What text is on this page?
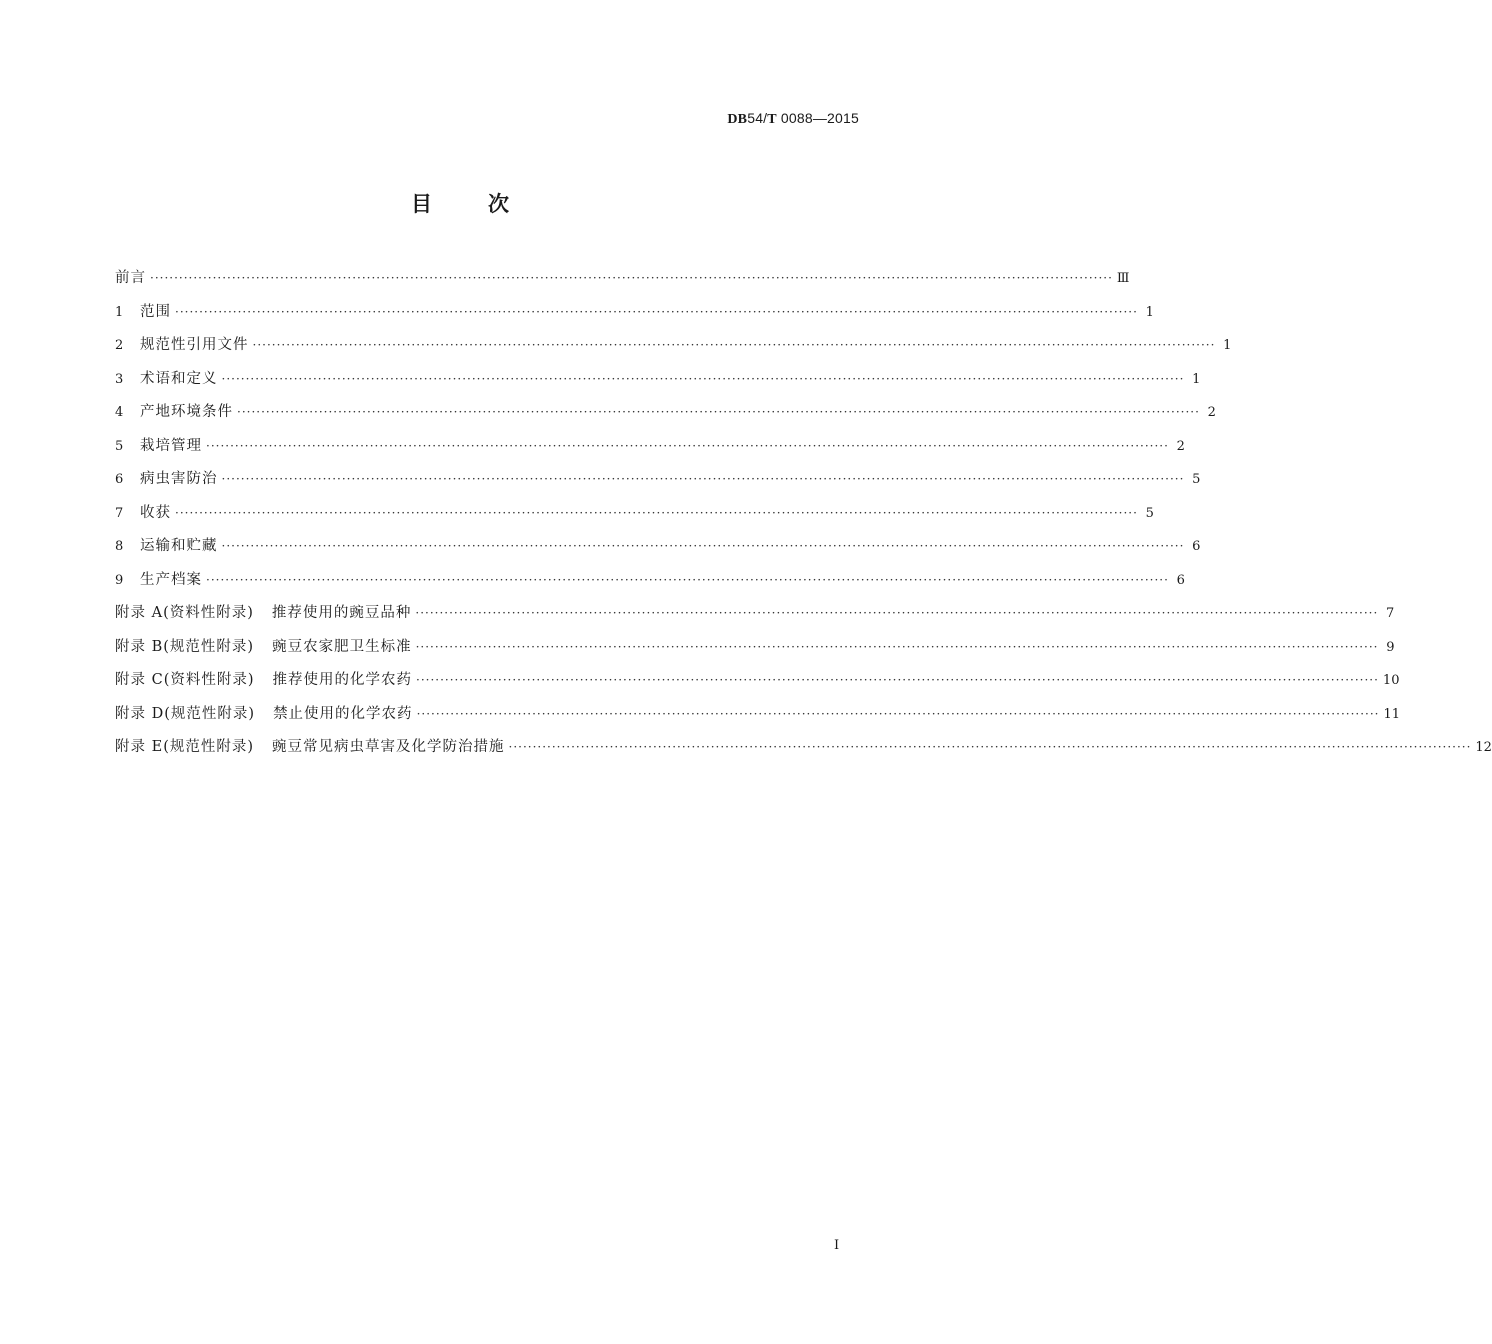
DB54/T 0088—2015
目次
前言 ········································································································································································································ Ⅲ
1	范围 ········································································································································································································ 1
2	规范性引用文件 ········································································································································································································ 1
3	术语和定义 ········································································································································································································ 1
4	产地环境条件 ········································································································································································································ 2
5	栽培管理 ········································································································································································································ 2
6	病虫害防治 ········································································································································································································ 5
7	收获 ········································································································································································································ 5
8	运输和贮藏 ········································································································································································································ 6
9	生产档案 ········································································································································································································ 6
附录 A(资料性附录) 推荐使用的豌豆品种 ········································································································································································································ 7
附录 B(规范性附录) 豌豆农家肥卫生标准 ········································································································································································································ 9
附录 C(资料性附录) 推荐使用的化学农药 ········································································································································································································ 10
附录 D(规范性附录) 禁止使用的化学农药 ········································································································································································································ 11
附录 E(规范性附录) 豌豆常见病虫草害及化学防治措施 ········································································································································································································ 12
I
